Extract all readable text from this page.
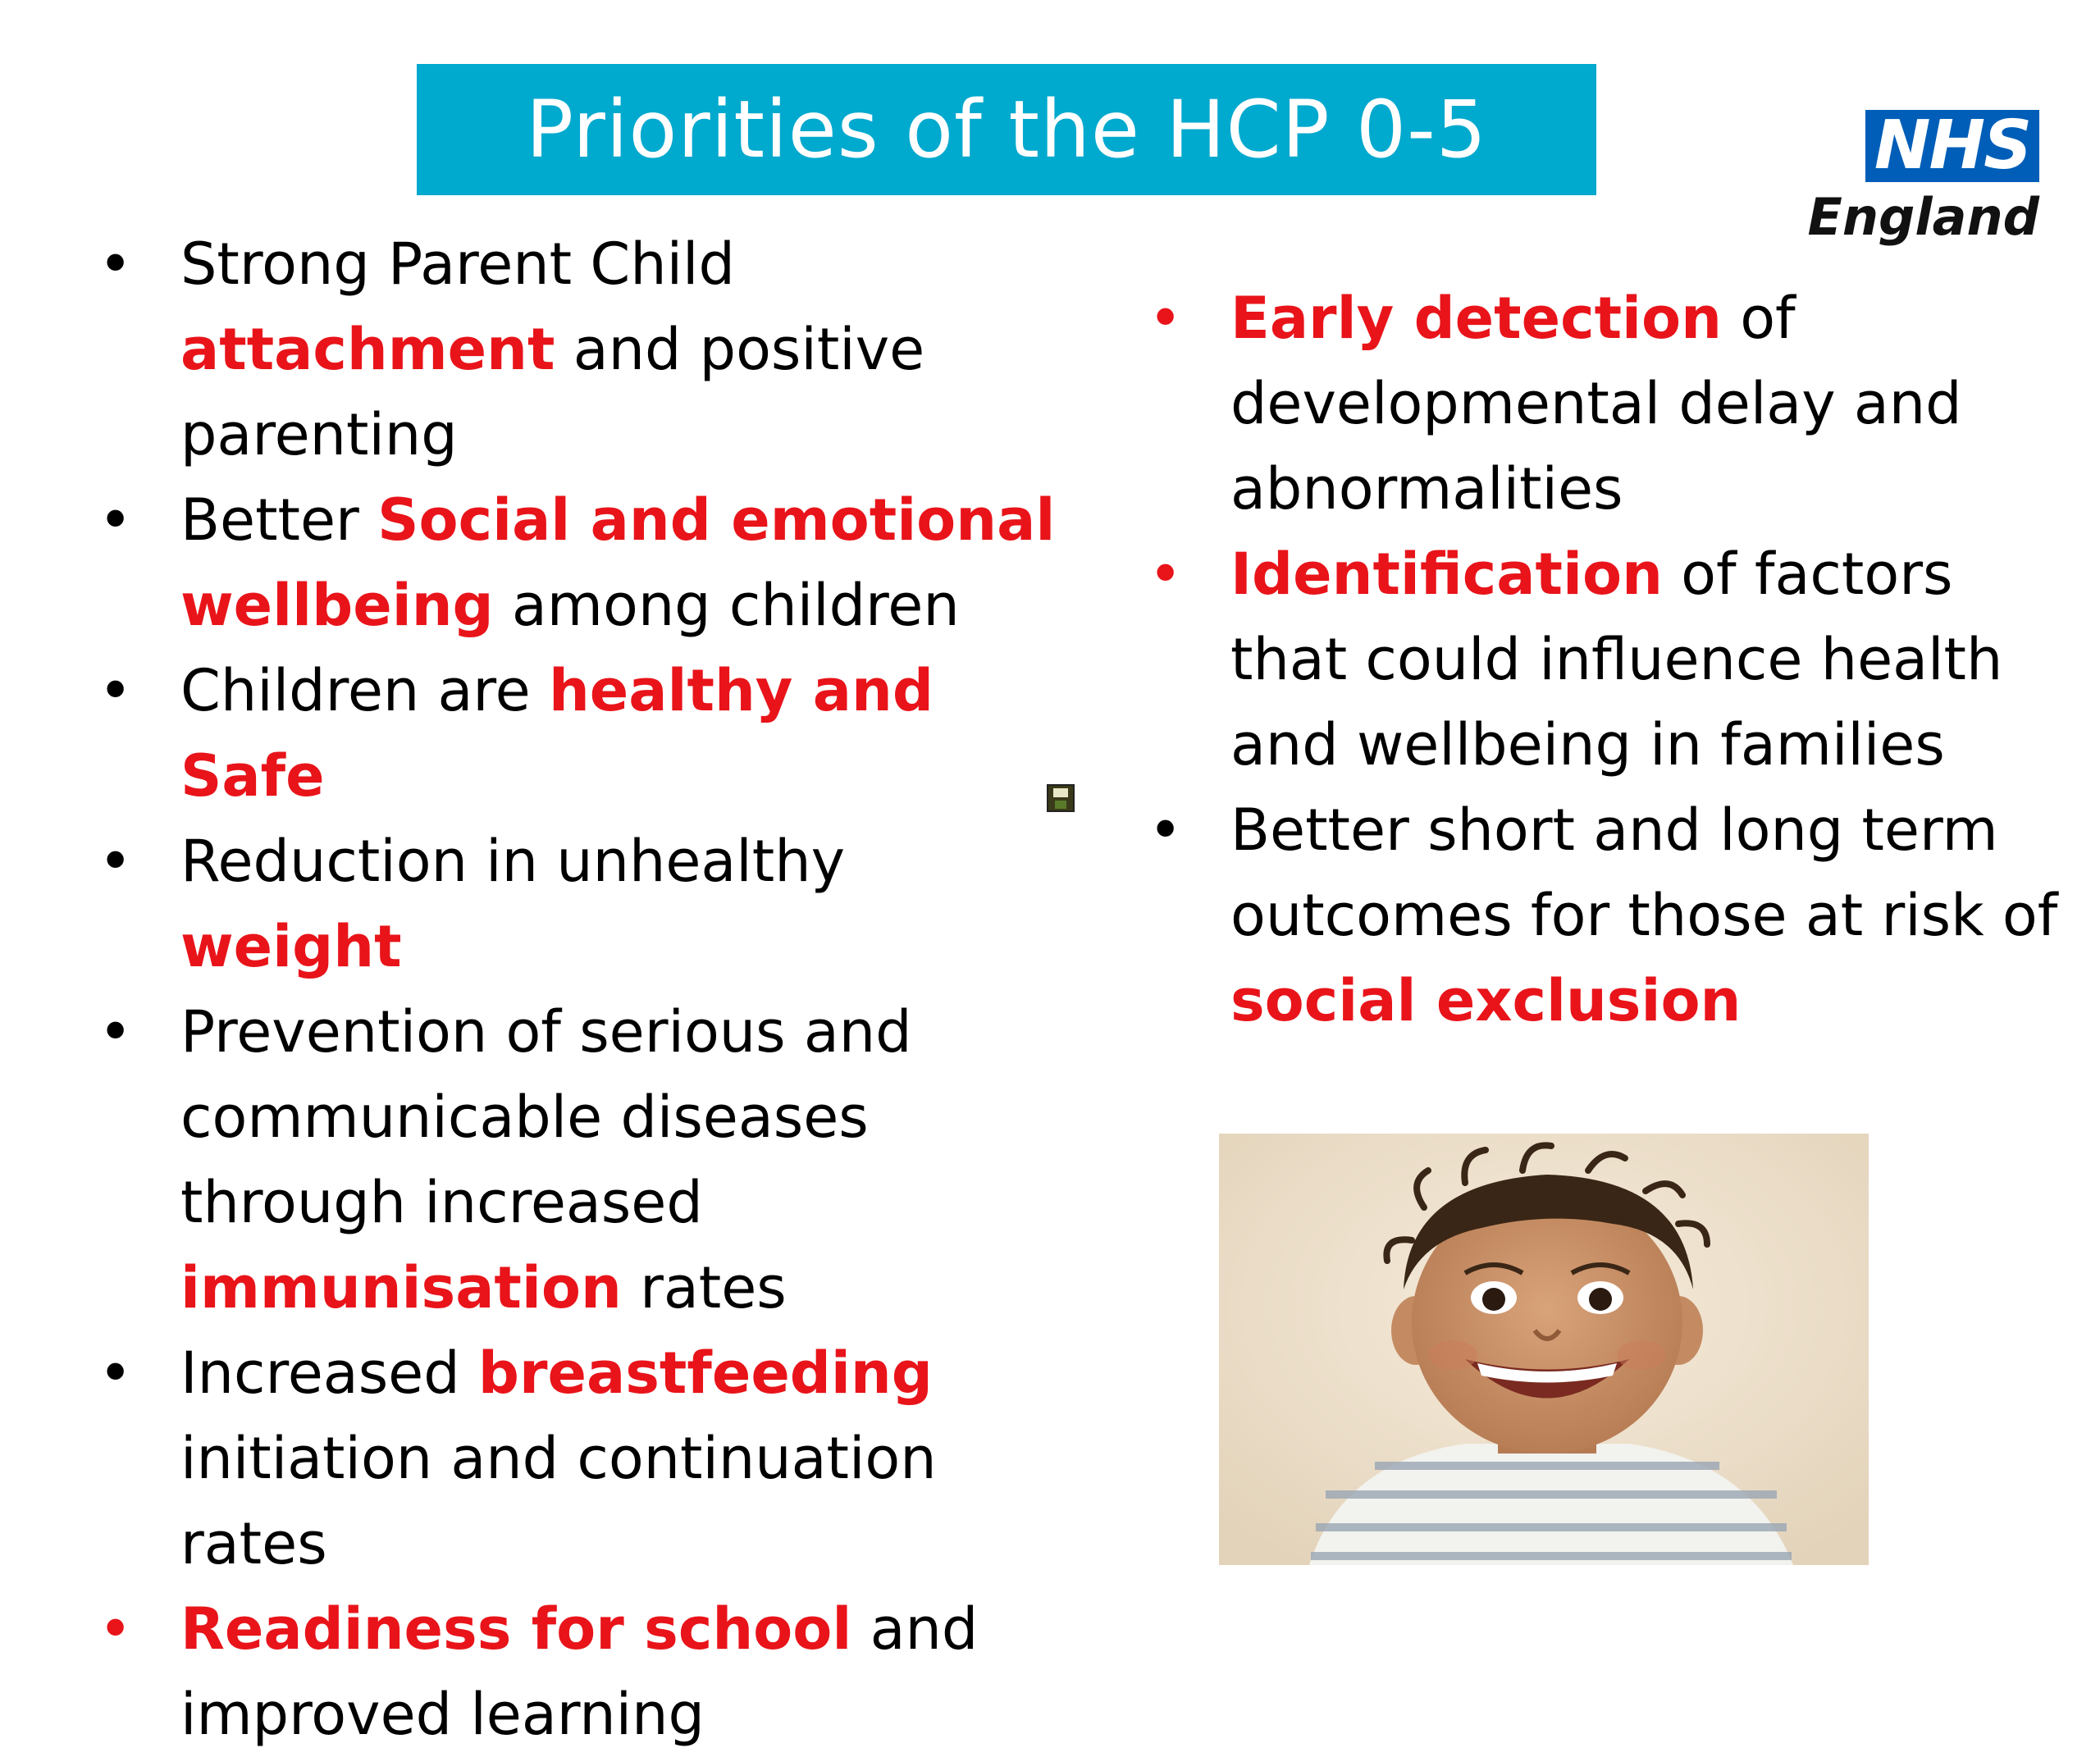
Priorities of the HCP 0-5	NHS
England
• Strong Parent Child attachment and positive parenting
• Better Social and emotional wellbeing among children
• Children are healthy and Safe
• Reduction in unhealthy weight
• Prevention of serious and communicable diseases through increased immunisation rates
• Increased breastfeeding initiation and continuation rates
• Readiness for school and improved learning
• Early detection of developmental delay and abnormalities
• Identification of factors that could influence health and wellbeing in families
• Better short and long term outcomes for those at risk of social exclusion
